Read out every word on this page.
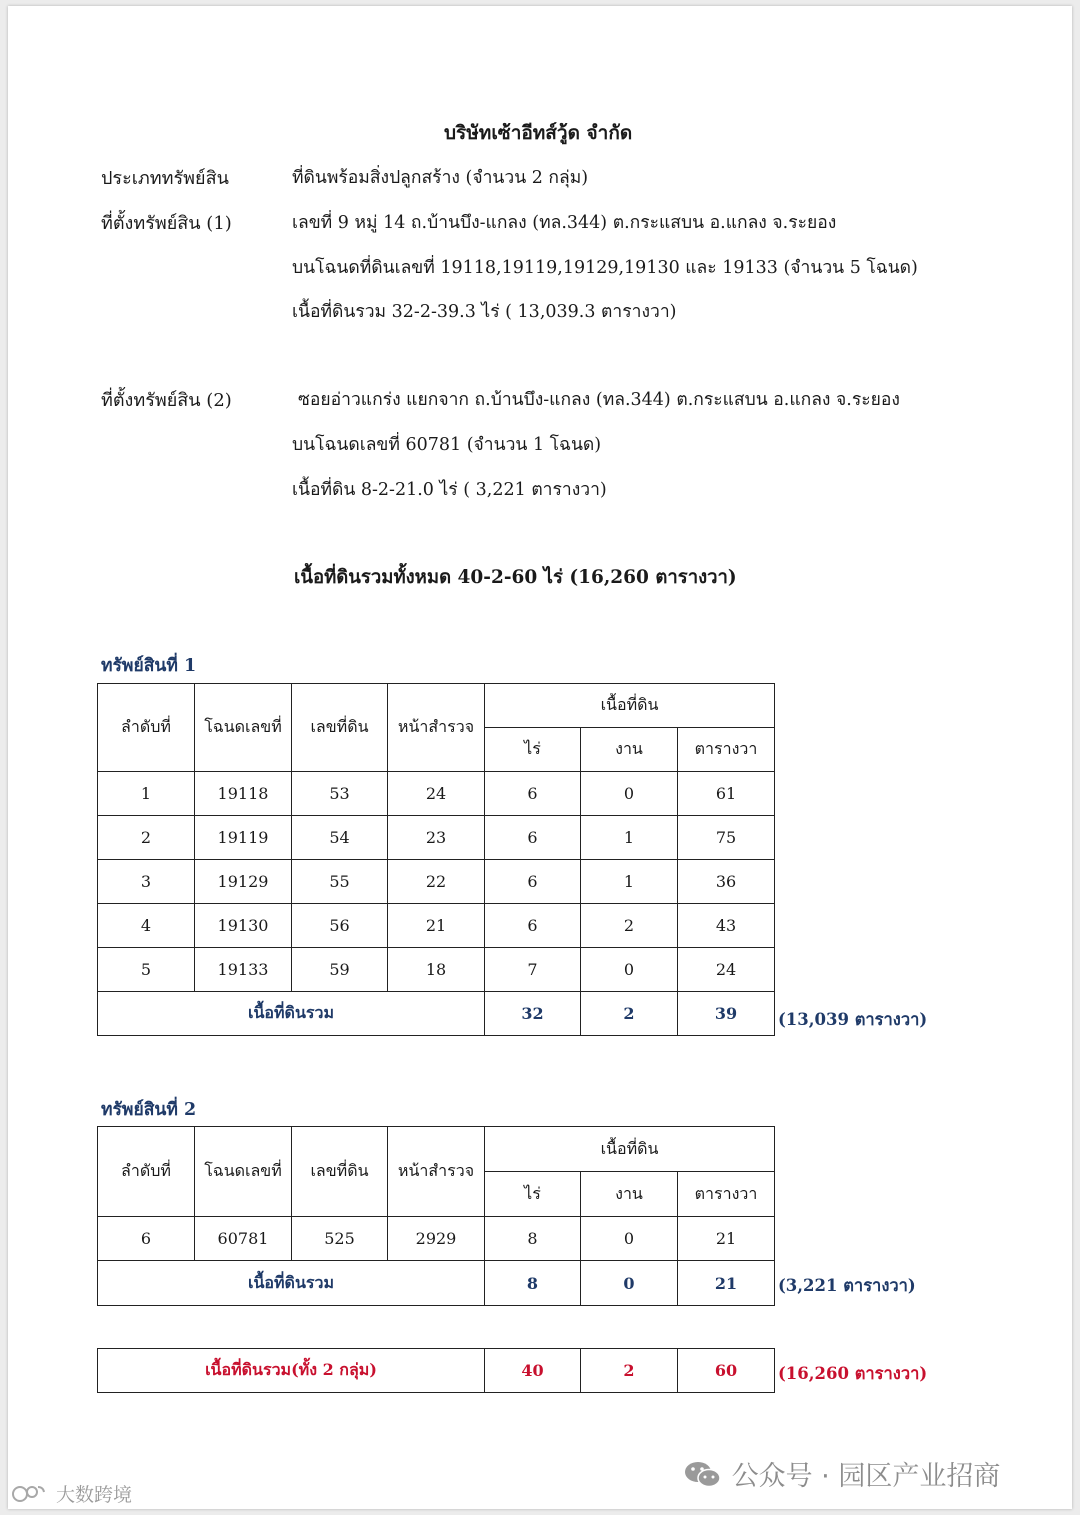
บริษัทเซ้าอีทส์วู้ด จำกัด
ประเภททรัพย์สิน	ที่ดินพร้อมสิ่งปลูกสร้าง (จำนวน 2 กลุ่ม)
ที่ตั้งทรัพย์สิน (1)	เลขที่ 9 หมู่ 14 ถ.บ้านบึง-แกลง (ทล.344) ต.กระแสบน อ.แกลง จ.ระยอง
บนโฉนดที่ดินเลขที่ 19118,19119,19129,19130 และ 19133 (จำนวน 5 โฉนด)
เนื้อที่ดินรวม 32-2-39.3 ไร่ ( 13,039.3 ตารางวา)
ที่ตั้งทรัพย์สิน (2)	ซอยอ่าวแกร่ง แยกจาก ถ.บ้านบึง-แกลง (ทล.344) ต.กระแสบน อ.แกลง จ.ระยอง
บนโฉนดเลขที่ 60781 (จำนวน 1 โฉนด)
เนื้อที่ดิน 8-2-21.0 ไร่ ( 3,221 ตารางวา)
เนื้อที่ดินรวมทั้งหมด 40-2-60 ไร่ (16,260 ตารางวา)
ทรัพย์สินที่ 1
ลำดับที่	โฉนดเลขที่	เลขที่ดิน	หน้าสำรวจ	เนื้อที่ดิน		
				ไร่	งาน	ตารางวา
1	19118	53	24	6	0	61
2	19119	54	23	6	1	75
3	19129	55	22	6	1	36
4	19130	56	21	6	2	43
5	19133	59	18	7	0	24
เนื้อที่ดินรวม				32	2	39 (13,039 ตารางวา)
ทรัพย์สินที่ 2
ลำดับที่	โฉนดเลขที่	เลขที่ดิน	หน้าสำรวจ	เนื้อที่ดิน		
				ไร่	งาน	ตารางวา
6	60781	525	2929	8	0	21
เนื้อที่ดินรวม				8	0	21 (3,221 ตารางวา)
เนื้อที่ดินรวม(ทั้ง 2 กลุ่ม)	40	2	60 (16,260 ตารางวา)
大数跨境
公众号 · 园区产业招商
